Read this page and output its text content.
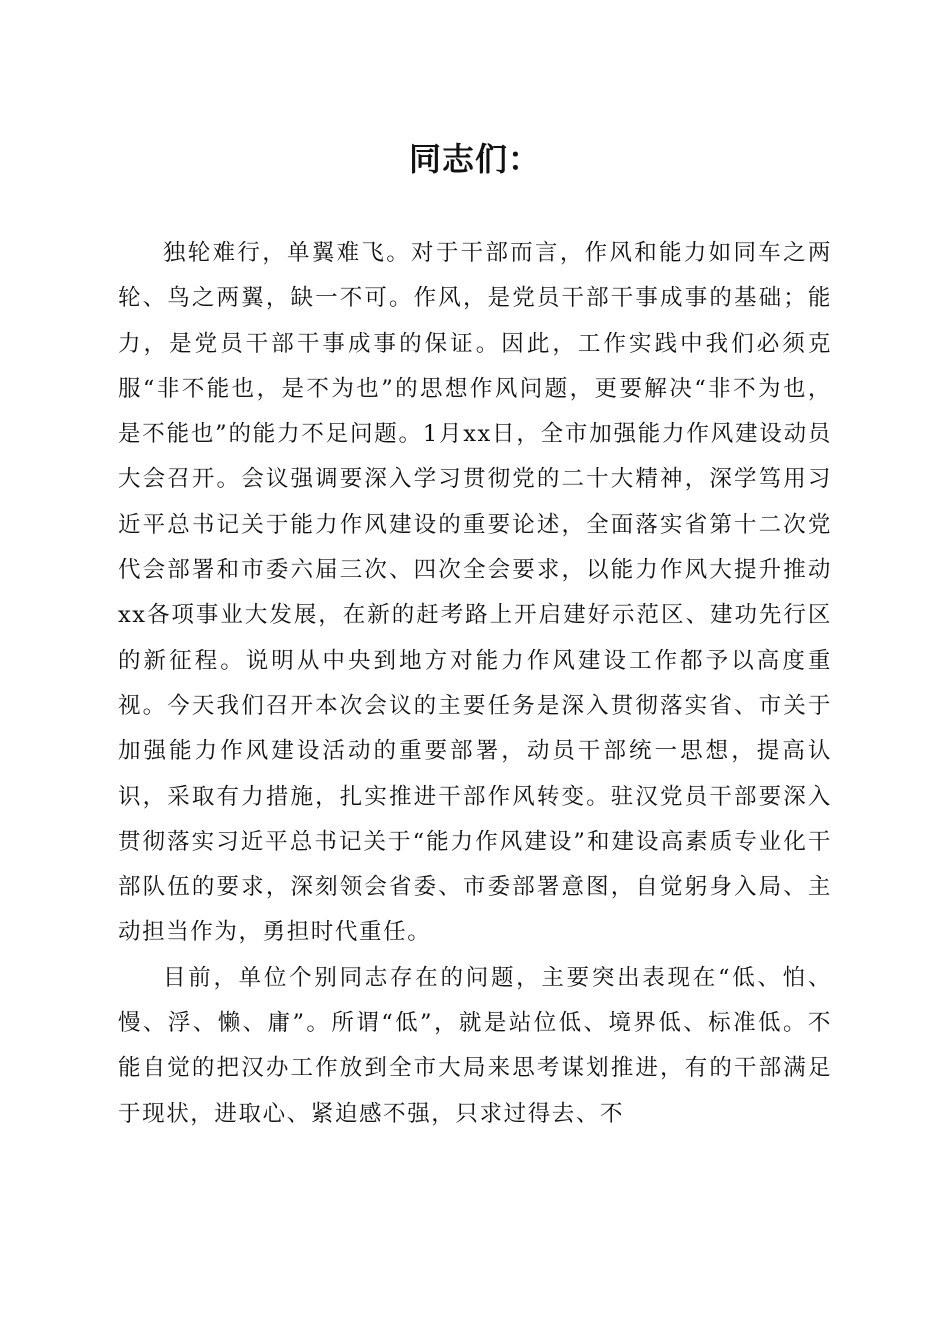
同志们：

独轮难行，单翼难飞。对于干部而言，作风和能力如同车之两轮、鸟之两翼，缺一不可。作风，是党员干部干事成事的基础；能力，是党员干部干事成事的保证。因此，工作实践中我们必须克服“非不能也，是不为也”的思想作风问题，更要解决“非不为也，是不能也”的能力不足问题。1月xx日，全市加强能力作风建设动员大会召开。会议强调要深入学习贯彻党的二十大精神，深学笃用习近平总书记关于能力作风建设的重要论述，全面落实省第十二次党代会部署和市委六届三次、四次全会要求，以能力作风大提升推动xx各项事业大发展，在新的赶考路上开启建好示范区、建功先行区的新征程。说明从中央到地方对能力作风建设工作都予以高度重视。今天我们召开本次会议的主要任务是深入贯彻落实省、市关于加强能力作风建设活动的重要部署，动员干部统一思想，提高认识，采取有力措施，扎实推进干部作风转变。驻汉党员干部要深入贯彻落实习近平总书记关于“能力作风建设”和建设高素质专业化干部队伍的要求，深刻领会省委、市委部署意图，自觉躬身入局、主动担当作为，勇担时代重任。

目前，单位个别同志存在的问题，主要突出表现在“低、怕、慢、浮、懒、庸”。所谓“低”，就是站位低、境界低、标准低。不能自觉的把汉办工作放到全市大局来思考谋划推进，有的干部满足于现状，进取心、紧迫感不强，只求过得去、不
